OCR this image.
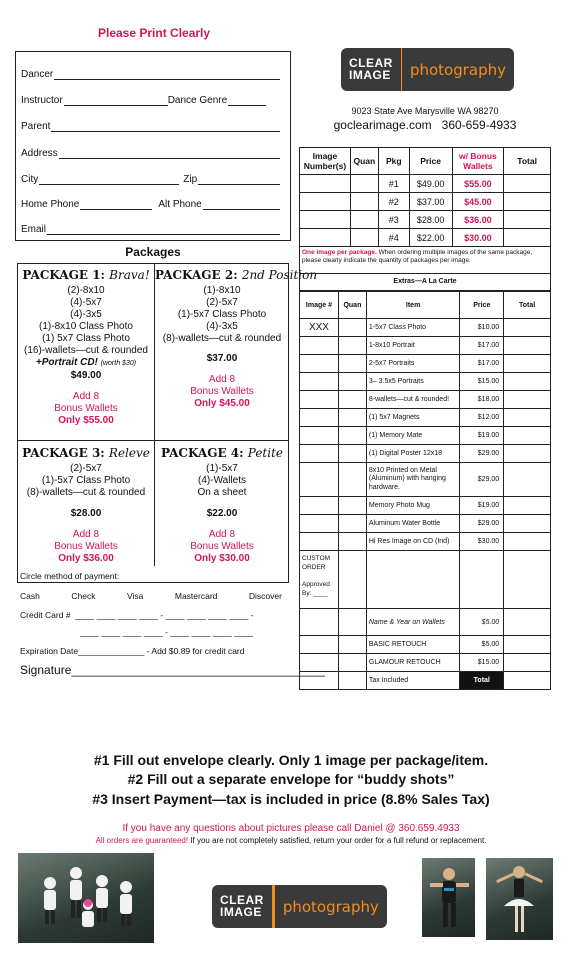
Please Print Clearly
Dancer
Instructor	Dance Genre
Parent
Address
City	Zip
Home Phone	Alt Phone
Email
Packages
PACKAGE 1: Brava!
(2)-8x10
(4)-5x7
(4)-3x5
(1)-8x10 Class Photo
(1) 5x7 Class Photo
(16)-wallets—cut & rounded
+Portrait CD! (worth $30)
$49.00
Add 8
Bonus Wallets
Only $55.00
PACKAGE 2: 2nd Position
(1)-8x10
(2)-5x7
(1)-5x7 Class Photo
(4)-3x5
(8)-wallets—cut & rounded
$37.00
Add 8
Bonus Wallets
Only $45.00
PACKAGE 3: Releve
(2)-5x7
(1)-5x7 Class Photo
(8)-wallets—cut & rounded
$28.00
Add 8
Bonus Wallets
Only $36.00
PACKAGE 4: Petite
(1)-5x7
(4)-Wallets
On a sheet
$22.00
Add 8
Bonus Wallets
Only $30.00
Circle method of payment:
Cash	Check	Visa	Mastercard	Discover
Credit Card # ____ ____ ____ ____ - ____ ____ ____ ____ -
____ ____ ____ ____ - ____ ____ ____ ____
Expiration Date______________ - Add $0.89 for credit card
Signature______________________________________
CLEAR
IMAGE photography
9023 State Ave Marysville WA 98270
goclearimage.com 360-659-4933
Image Number(s)	Quan	Pkg	Price	w/ Bonus Wallets	Total
		#1	$49.00	$55.00	
		#2	$37.00	$45.00	
		#3	$28.00	$36.00	
		#4	$22.00	$30.00	
One image per package. When ordering multiple images of the same package, please clearly indicate the quantity of packages per image.
Extras—A La Carte
Image #	Quan	Item	Price	Total
XXX		1-5x7 Class Photo	$10.00	
		1-8x10 Portrait	$17.00	
		2-5x7 Portraits	$17.00	
		3– 3.5x5 Portraits	$15.00	
		8-wallets—cut & rounded!	$18.00	
		(1) 5x7 Magnets	$12.00	
		(1) Memory Mate	$19.00	
		(1) Digital Poster 12x18	$29.00	
		8x10 Printed on Metal (Aluminum) with hanging hardware.	$29.00	
		Memory Photo Mug	$19.00	
		Aluminum Water Bottle	$29.00	
		Hi Res Image on CD (Ind)	$30.00	

CUSTOM
ORDER
Approved
By: ____				

		Name & Year on Wallets	$5.00	
		BASIC RETOUCH	$5.00	
		GLAMOUR RETOUCH	$15.00	
		Tax Included	Total	
#1 Fill out envelope clearly. Only 1 image per package/item.
#2 Fill out a separate envelope for “buddy shots”
#3 Insert Payment—tax is included in price (8.8% Sales Tax)
If you have any questions about pictures please call Daniel @ 360.659.4933
All orders are guaranteed! If you are not completely satisfied, return your order for a full refund or replacement.
CLEAR
IMAGE photography
